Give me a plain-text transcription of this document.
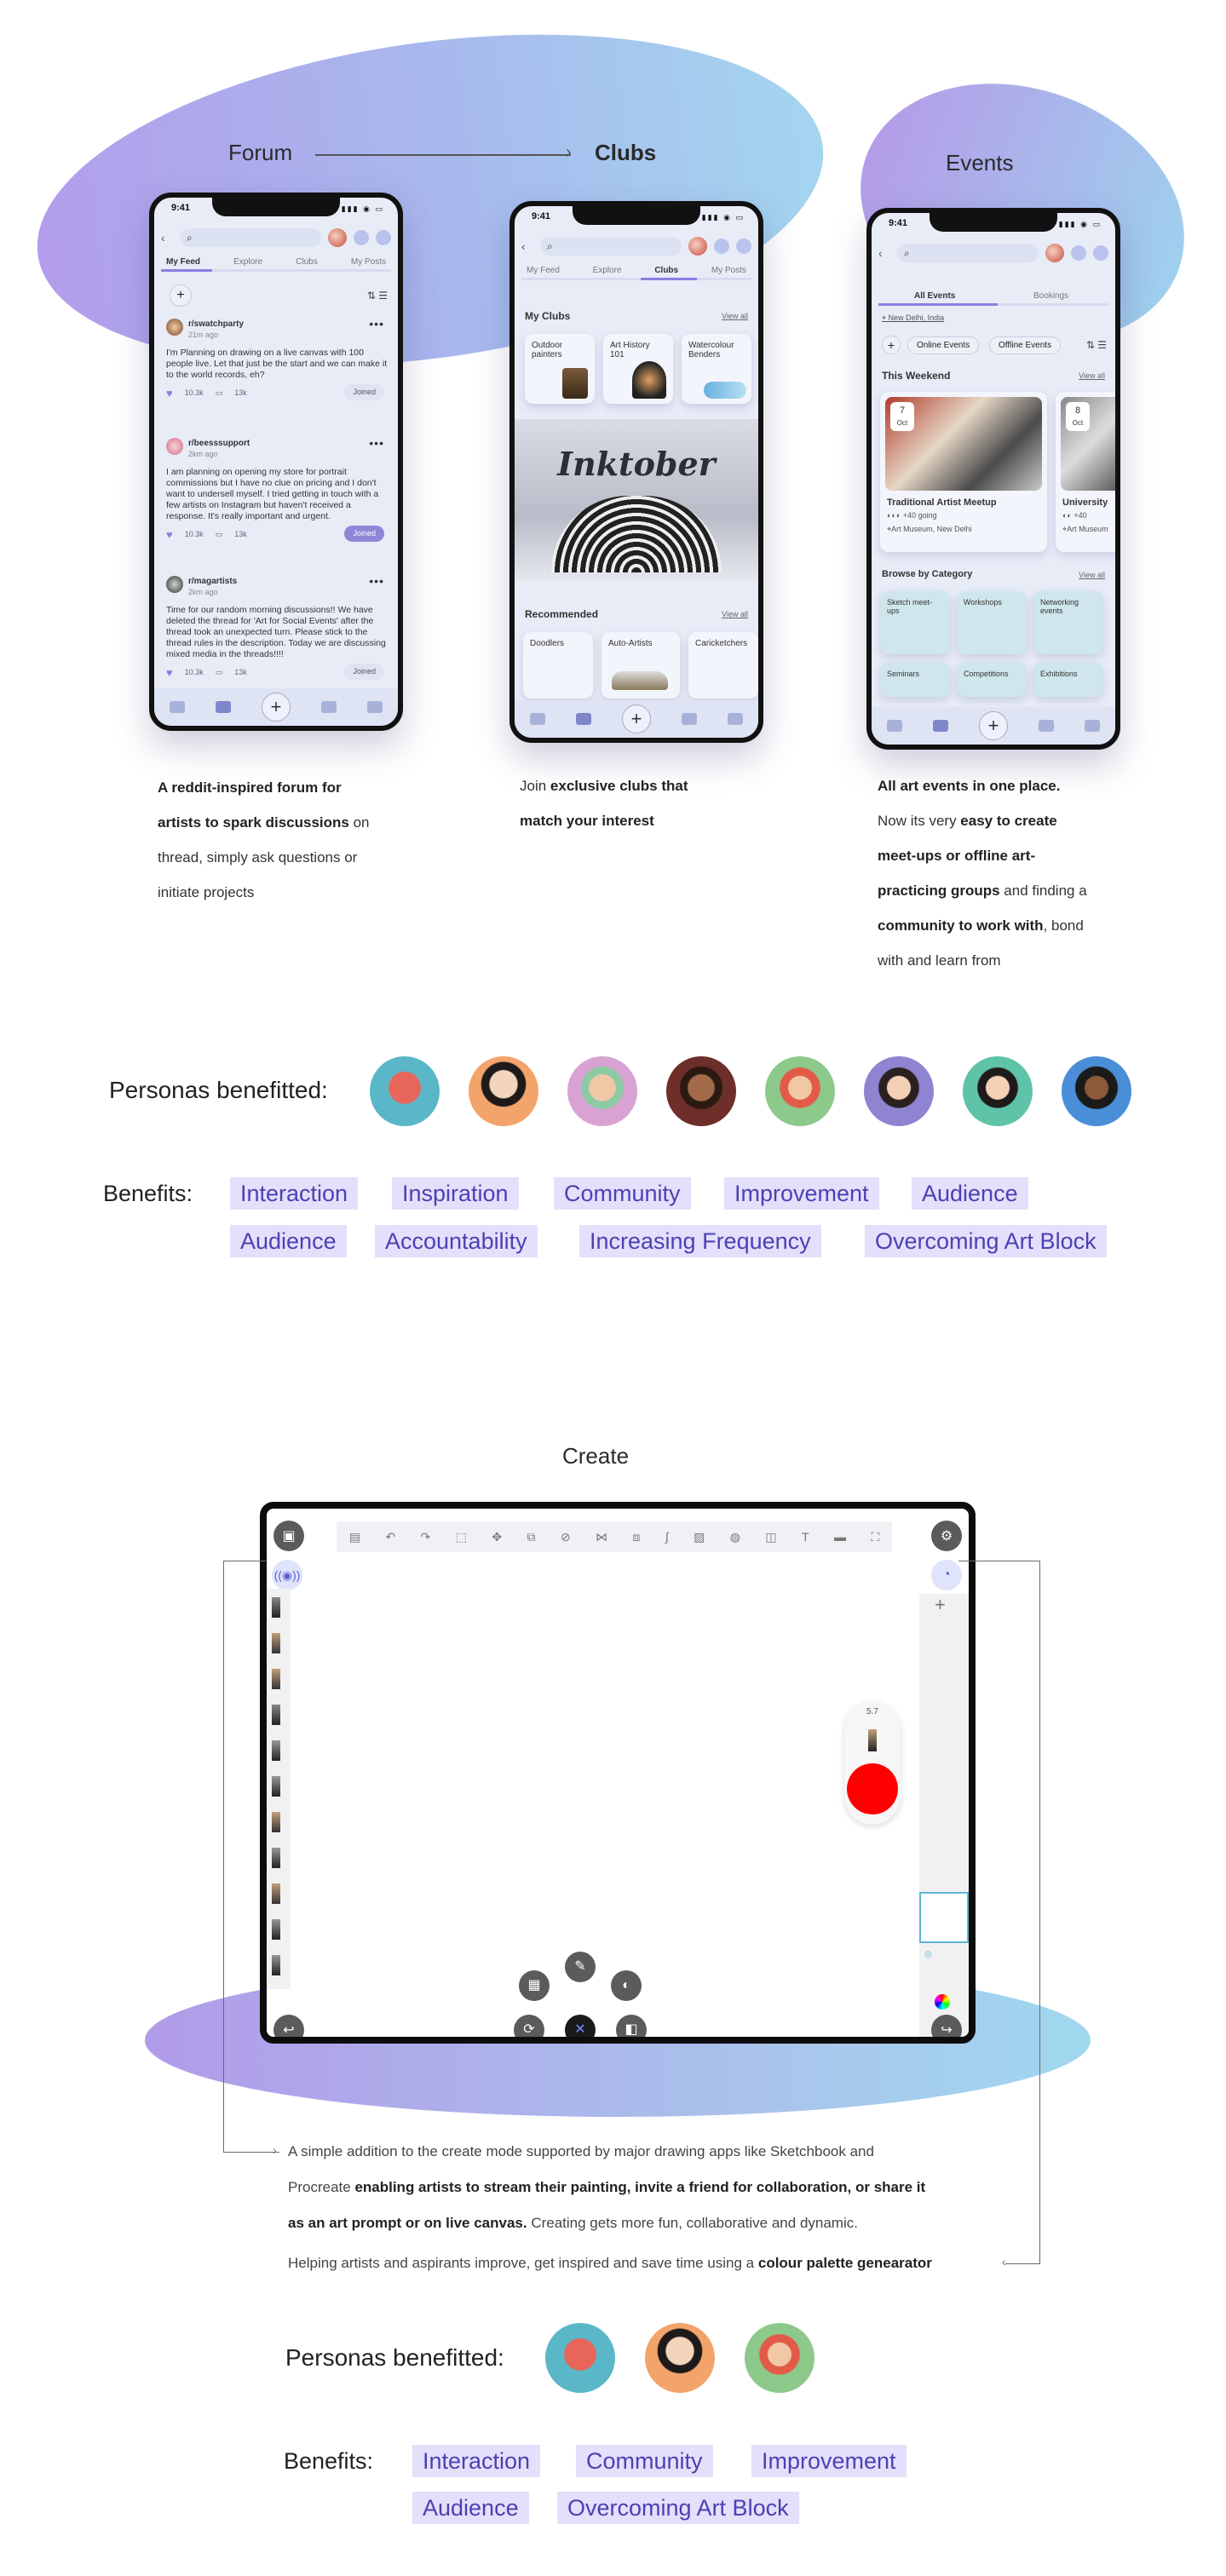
Forum	› Clubs	Events
9:41	▮▮▮ ◉ ▭
‹	⌕
My Feed	Explore	Clubs	My Posts
+	⇅ ☰
r/swatchparty
21m ago
•••
I'm Planning on drawing on a live canvas with 100 people live. Let that just be the start and we can make it to the world records, eh?
♥ 10.3k ▭ 13k	Joined
r/beesssupport
2km ago
•••
I am planning on opening my store for portrait commissions but I have no clue on pricing and I don't want to undersell myself. I tried getting in touch with a few artists on Instagram but haven't received a response. It's really important and urgent.
♥ 10.3k ▭ 13k	Joined
r/magartists
2km ago
•••
Time for our random morning discussions!! We have deleted the thread for 'Art for Social Events' after the thread took an unexpected turn. Please stick to the thread rules in the description. Today we are discussing mixed media in the threads!!!!
♥ 10.3k ▭ 13k	Joined
+
9:41	▮▮▮ ◉ ▭
‹	⌕
My Feed	Explore	Clubs	My Posts
My Clubs	View all
Outdoor painters
Art History 101
Watercolour Benders
Inktober
Recommended	View all
Doodlers	Auto-Artists	Caricketchers
+
9:41	▮▮▮ ◉ ▭
‹	⌕
All Events	Bookings
⌖ New Delhi, India
+	Online Events	Offline Events	⇅ ☰
This Weekend	View all
7
Oct
Traditional Artist Meetup
◐◐◐ +40 going
⌖Art Museum, New Delhi
8
Oct
University
◐◐ +40
⌖Art Museum
Browse by Category	View all
Sketch meet-ups
Workshops	Networking events
Seminars	Competitions	Exhibitions
+
A reddit-inspired forum for
artists to spark discussions on
thread, simply ask questions or
initiate projects
Join exclusive clubs that
match your interest
All art events in one place.
Now its very easy to create
meet-ups or offline art-
practicing groups and finding a
community to work with, bond
with and learn from
Personas benefitted:
Benefits:	Interaction	Inspiration	Community	Improvement	Audience
Audience	Accountability	Increasing Frequency	Overcoming Art Block
Create
▣	⚙
▤ ↶ ↷ ⬚ ✥ ⧉ ⊘ ⋈ ⧈ ∫ ▨ ◍ ◫ T ▬ ⛶
((◉))	◔
+
◎
5.7
✎
▦	◐
⟳	✕	◧
↩	↪
›
‹
A simple addition to the create mode supported by major drawing apps like Sketchbook and
Procreate enabling artists to stream their painting, invite a friend for collaboration, or share it
as an art prompt or on live canvas. Creating gets more fun, collaborative and dynamic.
Helping artists and aspirants improve, get inspired and save time using a colour palette genearator
Personas benefitted:
Benefits:	Interaction	Community	Improvement
Audience	Overcoming Art Block
